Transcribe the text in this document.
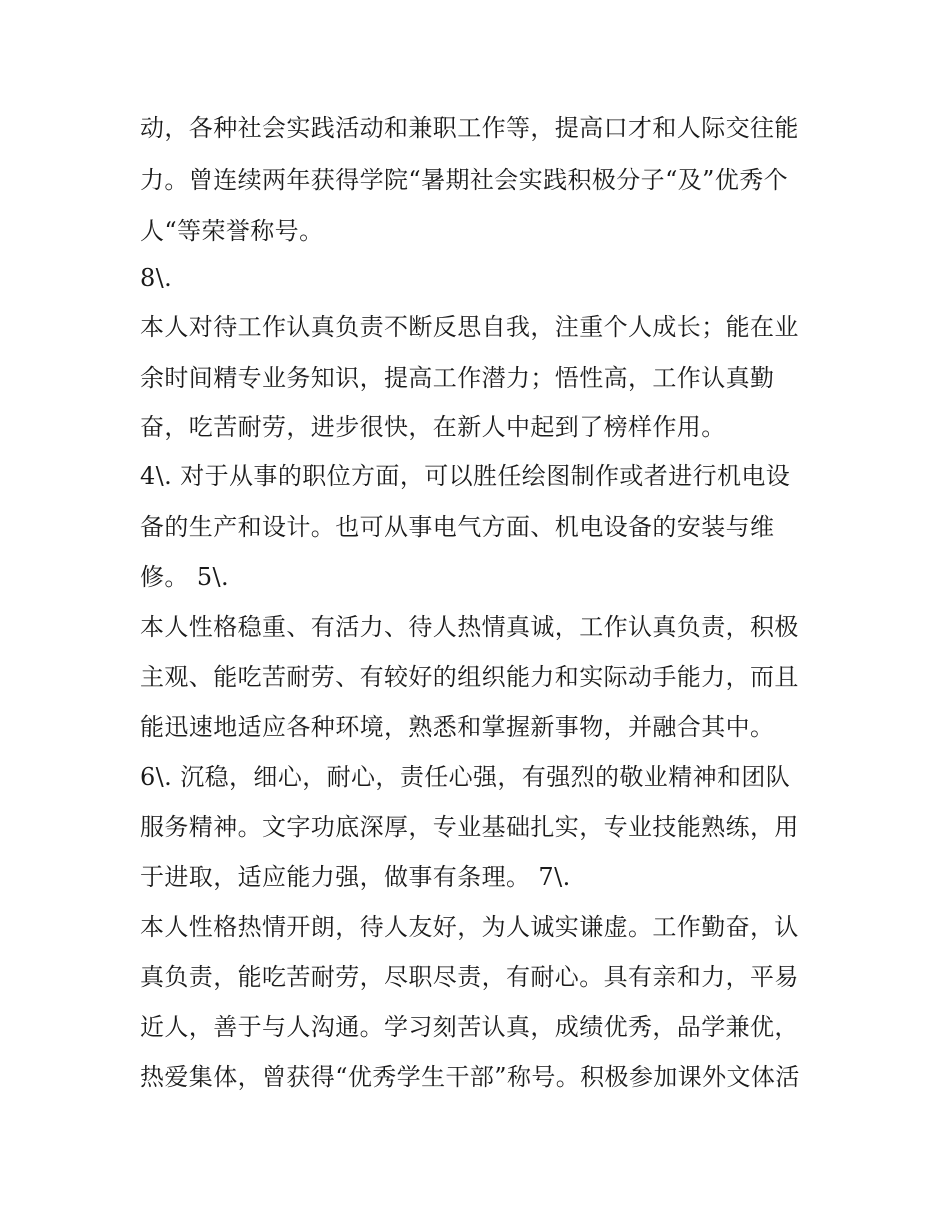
动，各种社会实践活动和兼职工作等，提高口才和人际交往能
力。曾连续两年获得学院“暑期社会实践积极分子“及”优秀个
人“等荣誉称号。
8\.
本人对待工作认真负责不断反思自我，注重个人成长；能在业
余时间精专业务知识，提高工作潜力；悟性高，工作认真勤
奋，吃苦耐劳，进步很快，在新人中起到了榜样作用。
4\. 对于从事的职位方面，可以胜任绘图制作或者进行机电设
备的生产和设计。也可从事电气方面、机电设备的安装与维
修。 5\.
本人性格稳重、有活力、待人热情真诚，工作认真负责，积极
主观、能吃苦耐劳、有较好的组织能力和实际动手能力，而且
能迅速地适应各种环境，熟悉和掌握新事物，并融合其中。
6\. 沉稳，细心，耐心，责任心强，有强烈的敬业精神和团队
服务精神。文字功底深厚，专业基础扎实，专业技能熟练，用
于进取，适应能力强，做事有条理。 7\.
本人性格热情开朗，待人友好，为人诚实谦虚。工作勤奋，认
真负责，能吃苦耐劳，尽职尽责，有耐心。具有亲和力，平易
近人，善于与人沟通。学习刻苦认真，成绩优秀，品学兼优，
热爱集体，曾获得“优秀学生干部”称号。积极参加课外文体活
